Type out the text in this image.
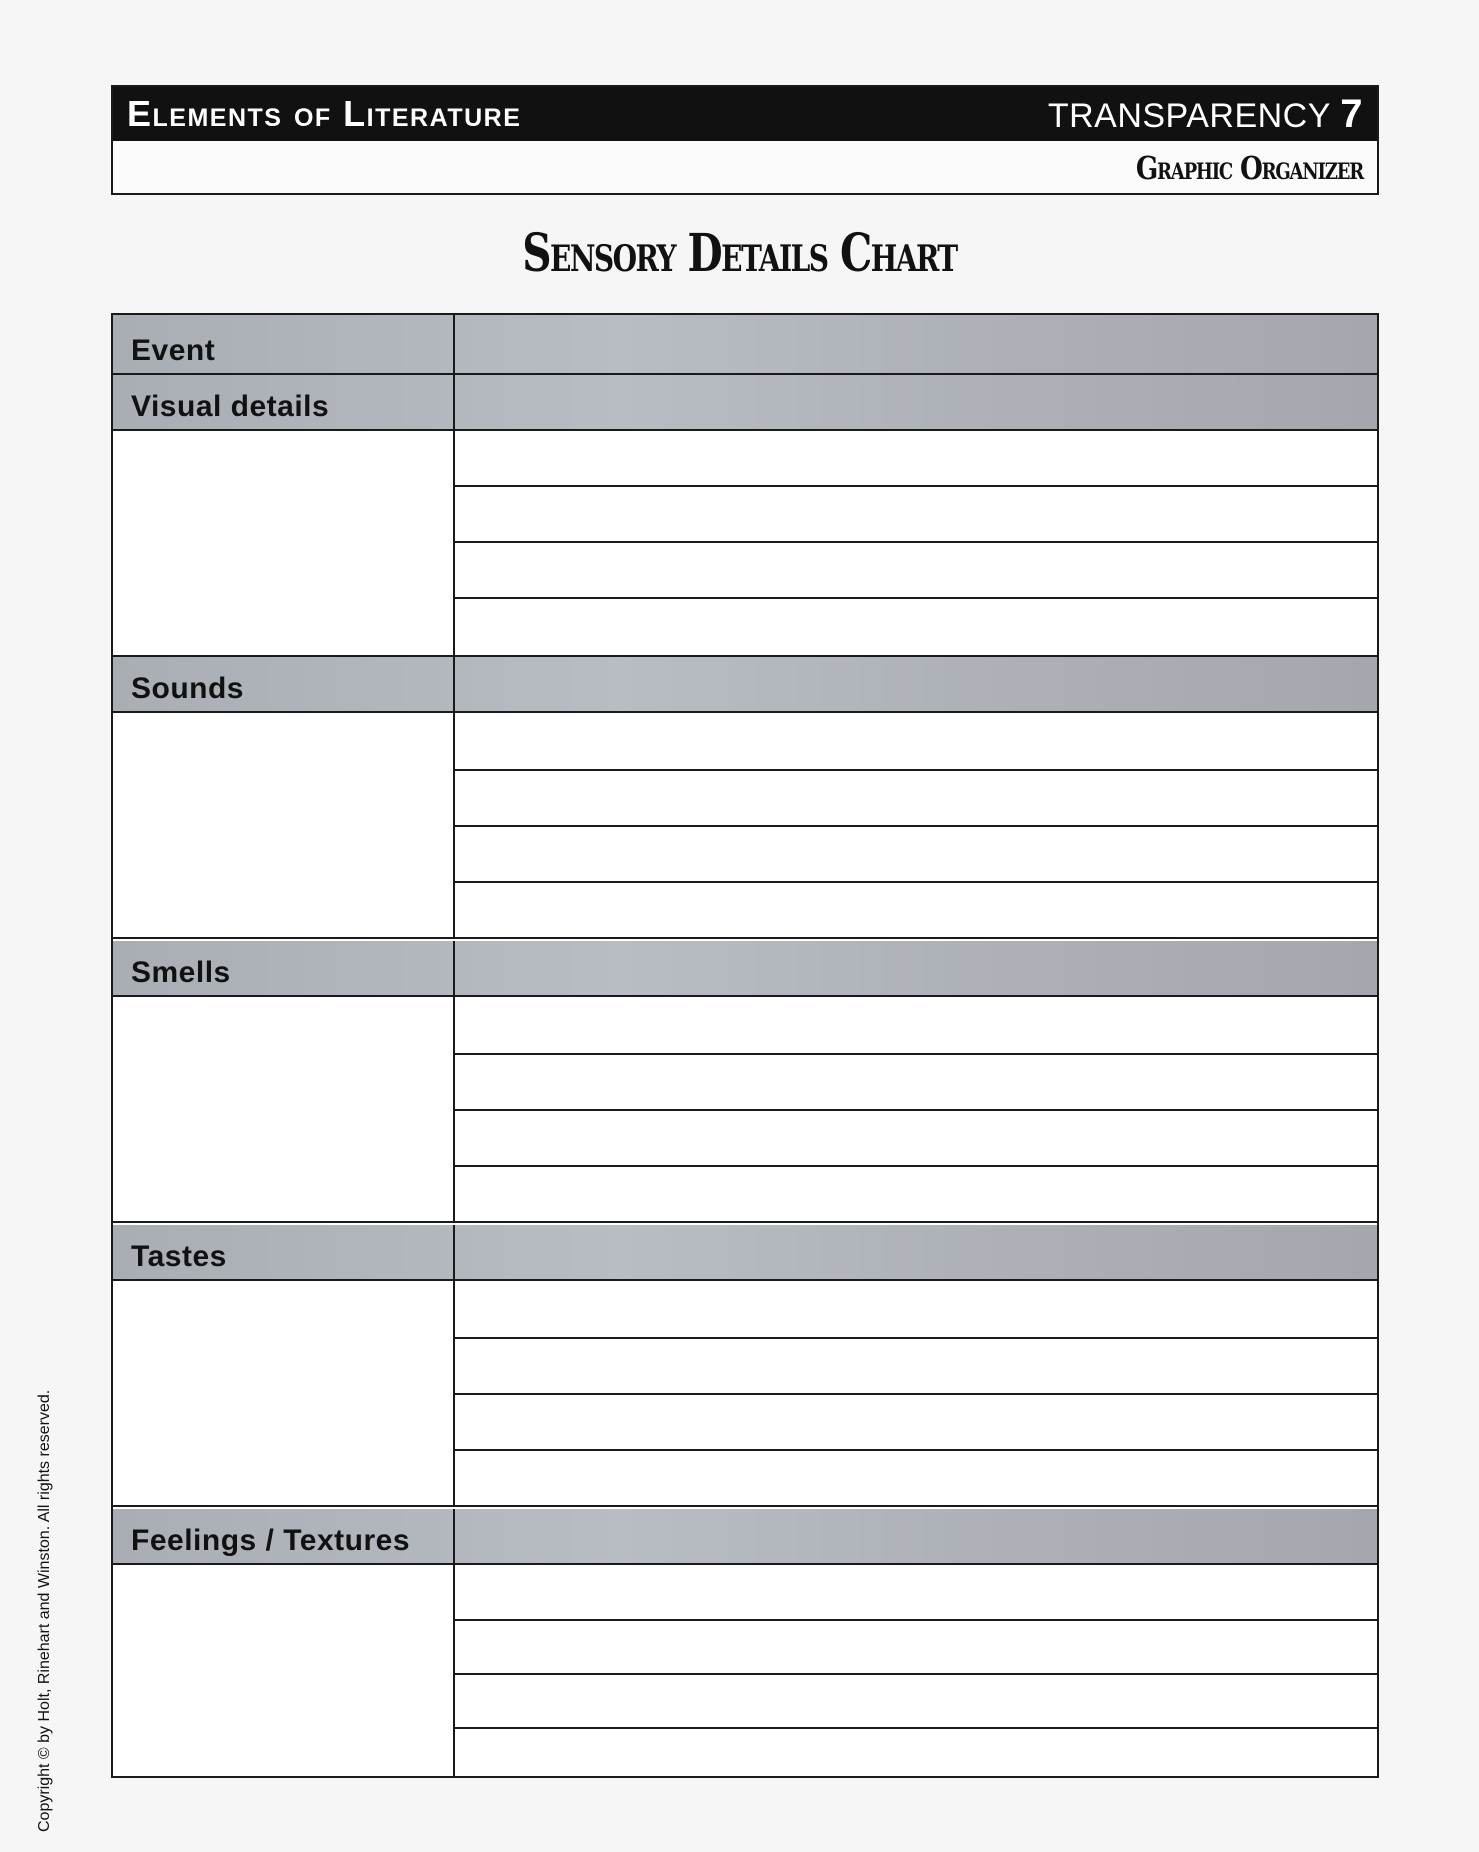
Elements of Literature	TRANSPARENCY 7
Graphic Organizer
Sensory Details Chart
Event
Visual details
Sounds
Smells
Tastes
Feelings / Textures
Copyright © by Holt, Rinehart and Winston. All rights reserved.
